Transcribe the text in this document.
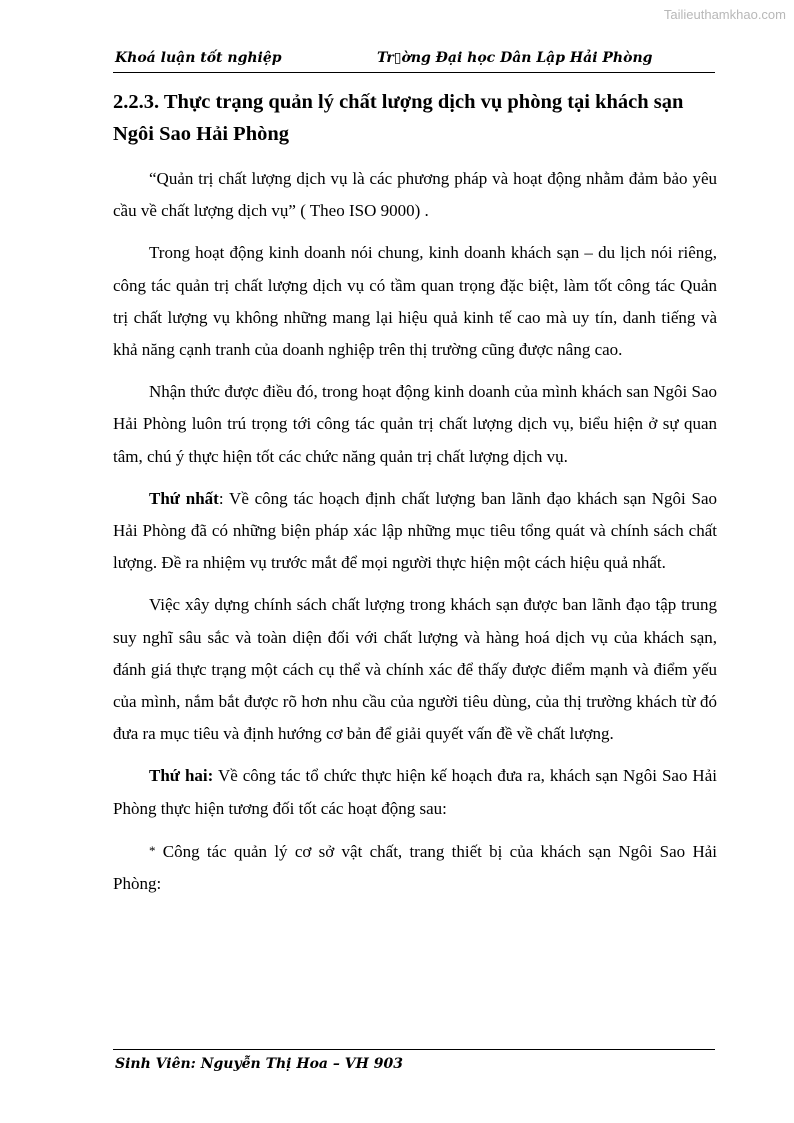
Tailieuthamkhao.com
Khoá luận tốt nghiệp	Tr▯ờng Đại học Dân Lập Hải Phòng
2.2.3. Thực trạng quản lý chất lượng dịch vụ phòng tại khách sạn Ngôi Sao Hải Phòng

“Quản trị chất lượng dịch vụ là các phương pháp và hoạt động nhằm đảm bảo yêu cầu về chất lượng dịch vụ” ( Theo ISO 9000) .

Trong hoạt động kinh doanh nói chung, kinh doanh khách sạn – du lịch nói riêng, công tác quản trị chất lượng dịch vụ có tầm quan trọng đặc biệt, làm tốt công tác Quản trị chất lượng vụ không những mang lại hiệu quả kinh tế cao mà uy tín, danh tiếng và khả năng cạnh tranh của doanh nghiệp trên thị trường cũng được nâng cao.

Nhận thức được điều đó, trong hoạt động kinh doanh của mình khách san Ngôi Sao Hải Phòng luôn trú trọng tới công tác quản trị chất lượng dịch vụ, biểu hiện ở sự quan tâm, chú ý thực hiện tốt các chức năng quản trị chất lượng dịch vụ.

Thứ nhất: Về công tác hoạch định chất lượng ban lãnh đạo khách sạn Ngôi Sao Hải Phòng đã có những biện pháp xác lập những mục tiêu tổng quát và chính sách chất lượng. Đề ra nhiệm vụ trước mắt để mọi người thực hiện một cách hiệu quả nhất.

Việc xây dựng chính sách chất lượng trong khách sạn được ban lãnh đạo tập trung suy nghĩ sâu sắc và toàn diện đối với chất lượng và hàng hoá dịch vụ của khách sạn, đánh giá thực trạng một cách cụ thể và chính xác để thấy được điểm mạnh và điểm yếu của mình, nắm bắt được rõ hơn nhu cầu của người tiêu dùng, của thị trường khách từ đó đưa ra mục tiêu và định hướng cơ bản để giải quyết vấn đề về chất lượng.

Thứ hai: Về công tác tổ chức thực hiện kế hoạch đưa ra, khách sạn Ngôi Sao Hải Phòng thực hiện tương đối tốt các hoạt động sau:

* Công tác quản lý cơ sở vật chất, trang thiết bị của khách sạn Ngôi Sao Hải Phòng:

Sinh Viên: Nguyễn Thị Hoa – VH 903
